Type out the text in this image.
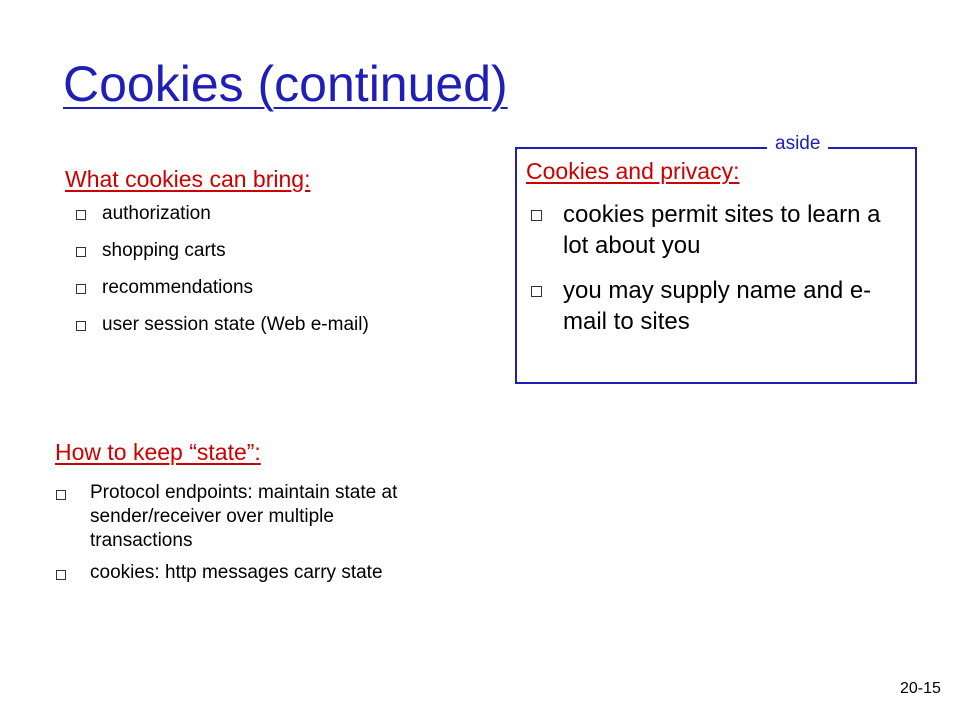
Cookies (continued)
What cookies can bring:
authorization
shopping carts
recommendations
user session state (Web e-mail)
How to keep “state”:
Protocol endpoints: maintain state at sender/receiver over multiple transactions
cookies: http messages carry state
aside
Cookies and privacy:
cookies permit sites to learn a lot about you
you may supply name and e-mail to sites
20-15
